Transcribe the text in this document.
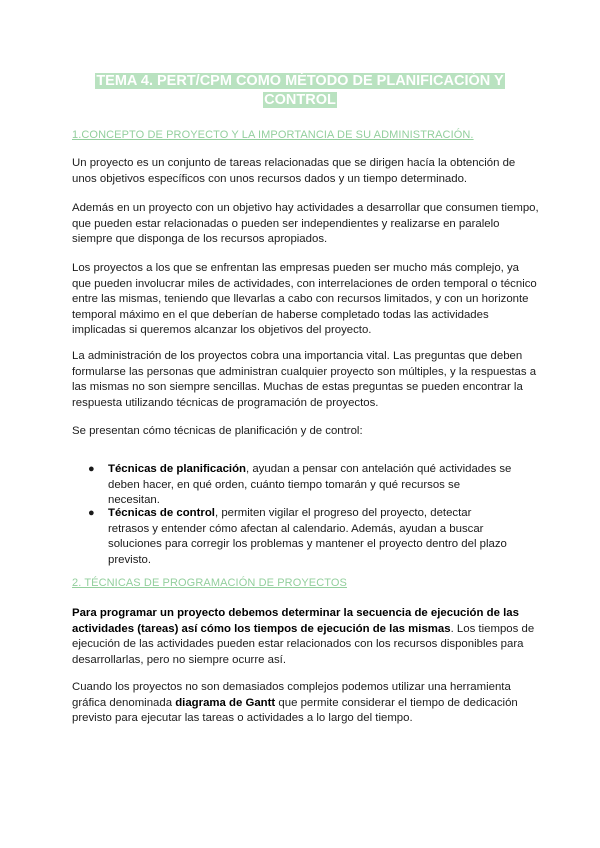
TEMA 4. PERT/CPM COMO MÉTODO DE PLANIFICACIÓN Y
CONTROL
1.CONCEPTO DE PROYECTO Y LA IMPORTANCIA DE SU ADMINISTRACIÓN.
Un proyecto es un conjunto de tareas relacionadas que se dirigen hacía la obtención de unos objetivos específicos con unos recursos dados y un tiempo determinado.
Además en un proyecto con un objetivo hay actividades a desarrollar que consumen tiempo, que pueden estar relacionadas o pueden ser independientes y realizarse en paralelo siempre que disponga de los recursos apropiados.
Los proyectos a los que se enfrentan las empresas pueden ser mucho más complejo, ya que pueden involucrar miles de actividades, con interrelaciones de orden temporal o técnico entre las mismas, teniendo que llevarlas a cabo con recursos limitados, y con un horizonte temporal máximo en el que deberían de haberse completado todas las actividades implicadas si queremos alcanzar los objetivos del proyecto.
La administración de los proyectos cobra una importancia vital. Las preguntas que deben formularse las personas que administran cualquier proyecto son múltiples, y la respuestas a las mismas no son siempre sencillas. Muchas de estas preguntas se pueden encontrar la respuesta utilizando técnicas de programación de proyectos.
Se presentan cómo técnicas de planificación y de control:
● Técnicas de planificación, ayudan a pensar con antelación qué actividades se deben hacer, en qué orden, cuánto tiempo tomarán y qué recursos se necesitan.
● Técnicas de control, permiten vigilar el progreso del proyecto, detectar retrasos y entender cómo afectan al calendario. Además, ayudan a buscar soluciones para corregir los problemas y mantener el proyecto dentro del plazo previsto.
2. TÉCNICAS DE PROGRAMACIÓN DE PROYECTOS
Para programar un proyecto debemos determinar la secuencia de ejecución de las actividades (tareas) así cómo los tiempos de ejecución de las mismas. Los tiempos de ejecución de las actividades pueden estar relacionados con los recursos disponibles para desarrollarlas, pero no siempre ocurre así.
Cuando los proyectos no son demasiados complejos podemos utilizar una herramienta gráfica denominada diagrama de Gantt que permite considerar el tiempo de dedicación previsto para ejecutar las tareas o actividades a lo largo del tiempo.
